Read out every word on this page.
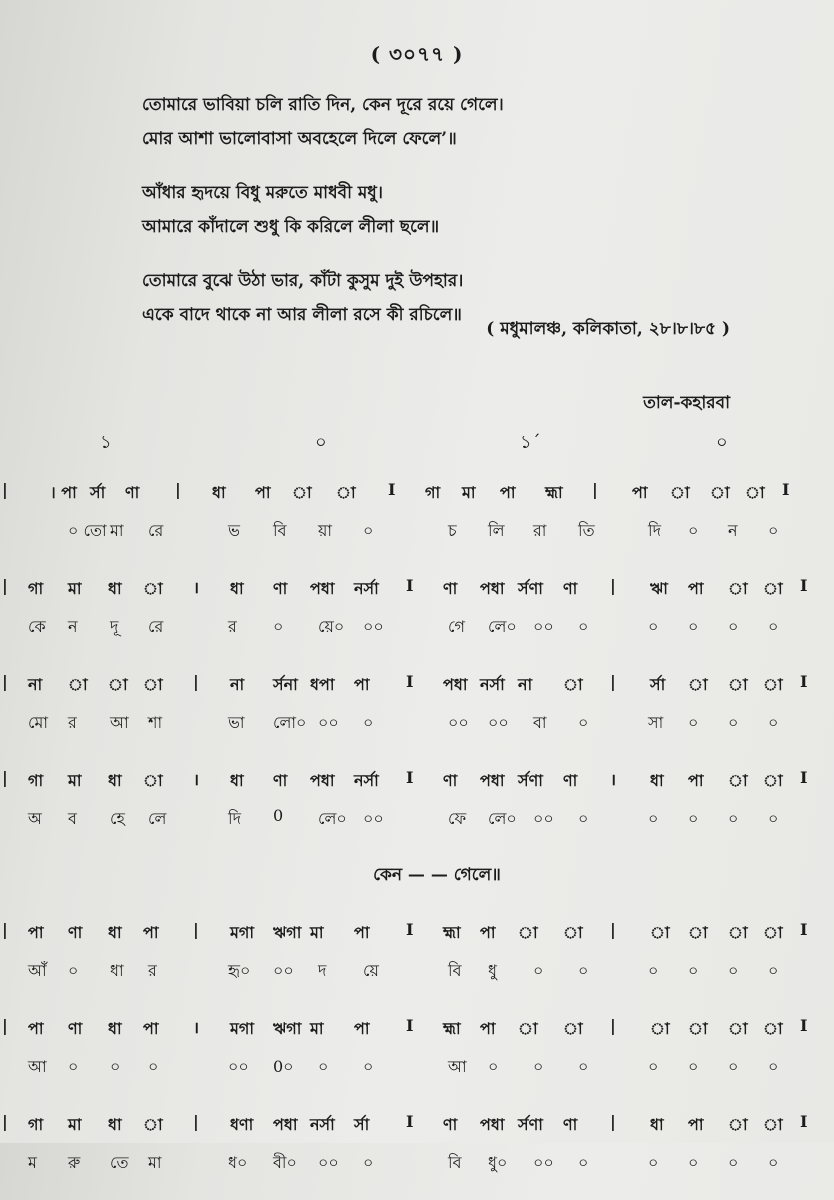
( ৩০৭৭ )
তোমারে ভাবিয়া চলি রাতি দিন, কেন দূরে রয়ে গেলে।
মোর আশা ভালোবাসা অবহেলে দিলে ফেলে’॥
আঁধার হৃদয়ে বিধু মরুতে মাধবী মধু।
আমারে কাঁদালে শুধু কি করিলে লীলা ছলে॥
তোমারে বুঝে উঠা ভার, কাঁটা কুসুম দুই উপহার।
একে বাদে থাকে না আর লীলা রসে কী রচিলে॥
( মধুমালঞ্চ, কলিকাতা, ২৮।৮।৮৫ )
তাল-কহারবা
১	০	১´	০
|	। পা র্সা ণা | ধা পা া া I গা মা পা হ্মা | পা া া া I
০ তো মা রে	ভ বি য়া ০	চ লি রা তি	দি ০ ন ০
| গা মা ধা া । ধা ণা পধা নর্সা I ণা পধা র্সণা ণা | ঋা পা া া I
কে ন দূ রে	র ০ য়ে০ ০০	গে লে০ ০০ ০	০ ০ ০ ০
| না া া া | না র্সনা ধপা পা I পধা নর্সা না া | র্সা া া া I
মো র আ শা	ভা লো০ ০০ ০	০০ ০০ বা ০	সা ০ ০ ০
| গা মা ধা া । ধা ণা পধা নর্সা I ণা পধা র্সণা ণা । ধা পা া া I
অ ব হে লে	দি 0 লে০ ০০	ফে লে০ ০০ ০	০ ০ ০ ০
কেন — — গেলে॥
| পা ণা ধা পা | মগা ঋগা মা পা I হ্মা পা া া | া া া া I
আঁ ০ ধা র	হৃ০ ০০ দ য়ে	বি ধু ০ ০	০ ০ ০ ০
| পা ণা ধা পা । মগা ঋগা মা পা I হ্মা পা া া | া া া া I
আ ০ ০ ০	০০ 0০ ০ ০	আ ০ ০ ০	০ ০ ০ ০
| গা মা ধা া | ধণা পধা নর্সা র্সা I ণা পধা র্সণা ণা | ধা পা া া I
ম রু তে মা	ধ০ বী০ ০০ ০	বি ধু০ ০০ ০	০ ০ ০ ০
